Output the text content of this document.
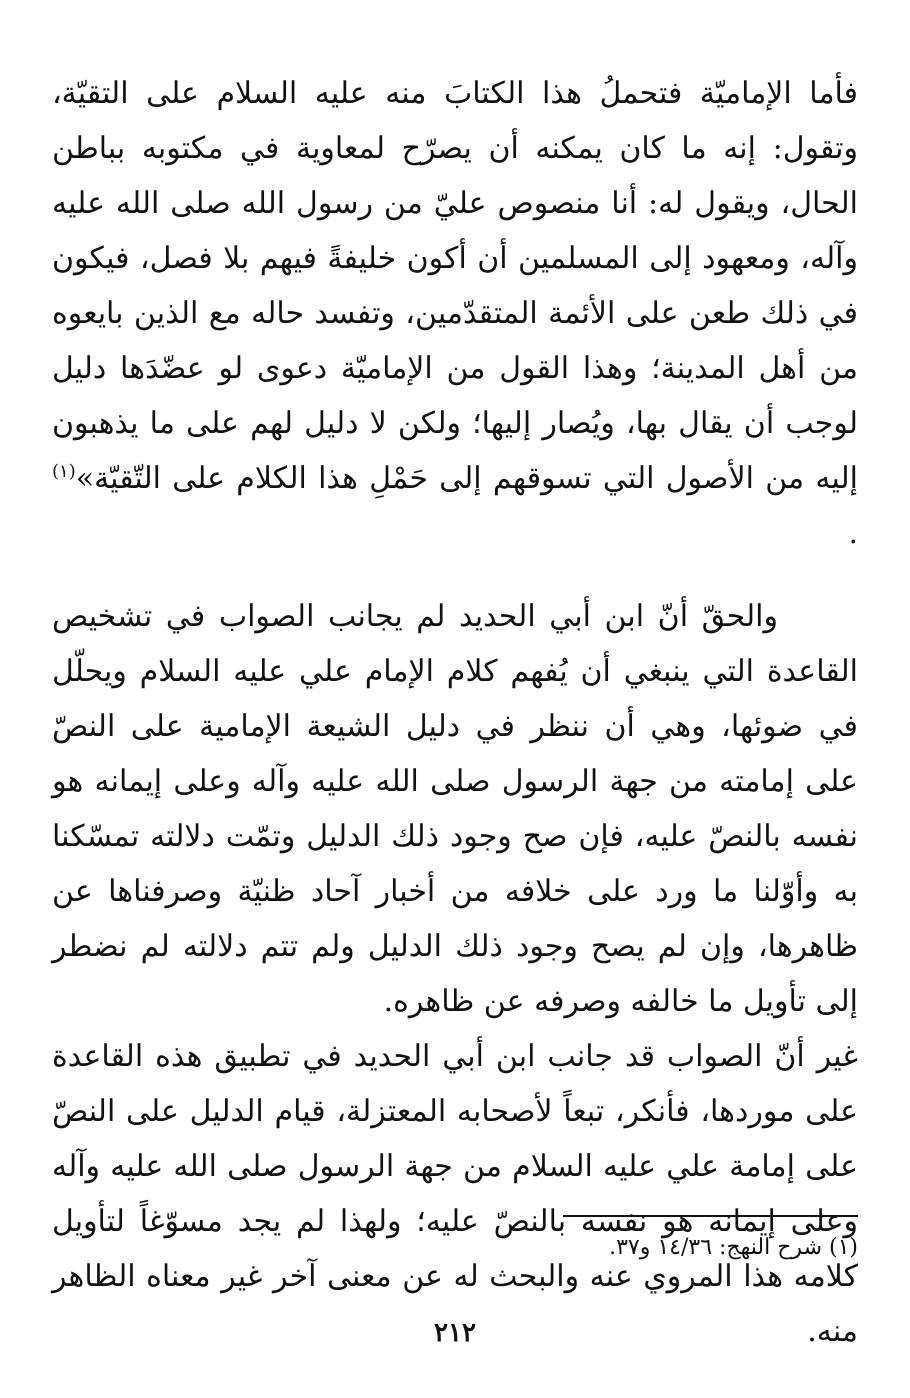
فأما الإماميّة فتحملُ هذا الكتابَ منه عليه السلام على التقيّة، وتقول: إنه ما كان يمكنه أن يصرّح لمعاوية في مكتوبه بباطن الحال، ويقول له: أنا منصوص عليّ من رسول الله صلى الله عليه وآله، ومعهود إلى المسلمين أن أكون خليفةً فيهم بلا فصل، فيكون في ذلك طعن على الأئمة المتقدّمين، وتفسد حاله مع الذين بايعوه من أهل المدينة؛ وهذا القول من الإماميّة دعوى لو عضّدَها دليل لوجب أن يقال بها، ويُصار إليها؛ ولكن لا دليل لهم على ما يذهبون إليه من الأصول التي تسوقهم إلى حَمْلِ هذا الكلام على التّقيّة»$^{(١)}$ .

والحقّ أنّ ابن أبي الحديد لم يجانب الصواب في تشخيص القاعدة التي ينبغي أن يُفهم كلام الإمام علي عليه السلام ويحلّل في ضوئها، وهي أن ننظر في دليل الشيعة الإمامية على النصّ على إمامته من جهة الرسول صلى الله عليه وآله وعلى إيمانه هو نفسه بالنصّ عليه، فإن صح وجود ذلك الدليل وتمّت دلالته تمسّكنا به وأوّلنا ما ورد على خلافه من أخبار آحاد ظنيّة وصرفناها عن ظاهرها، وإن لم يصح وجود ذلك الدليل ولم تتم دلالته لم نضطر إلى تأويل ما خالفه وصرفه عن ظاهره.

غير أنّ الصواب قد جانب ابن أبي الحديد في تطبيق هذه القاعدة على موردها، فأنكر، تبعاً لأصحابه المعتزلة، قيام الدليل على النصّ على إمامة علي عليه السلام من جهة الرسول صلى الله عليه وآله وعلى إيمانه هو نفسه بالنصّ عليه؛ ولهذا لم يجد مسوّغاً لتأويل كلامه هذا المروي عنه والبحث له عن معنى آخر غير معناه الظاهر منه.

(١) شرح النهج: ١٤/٣٦ و٣٧.
٢١٢
